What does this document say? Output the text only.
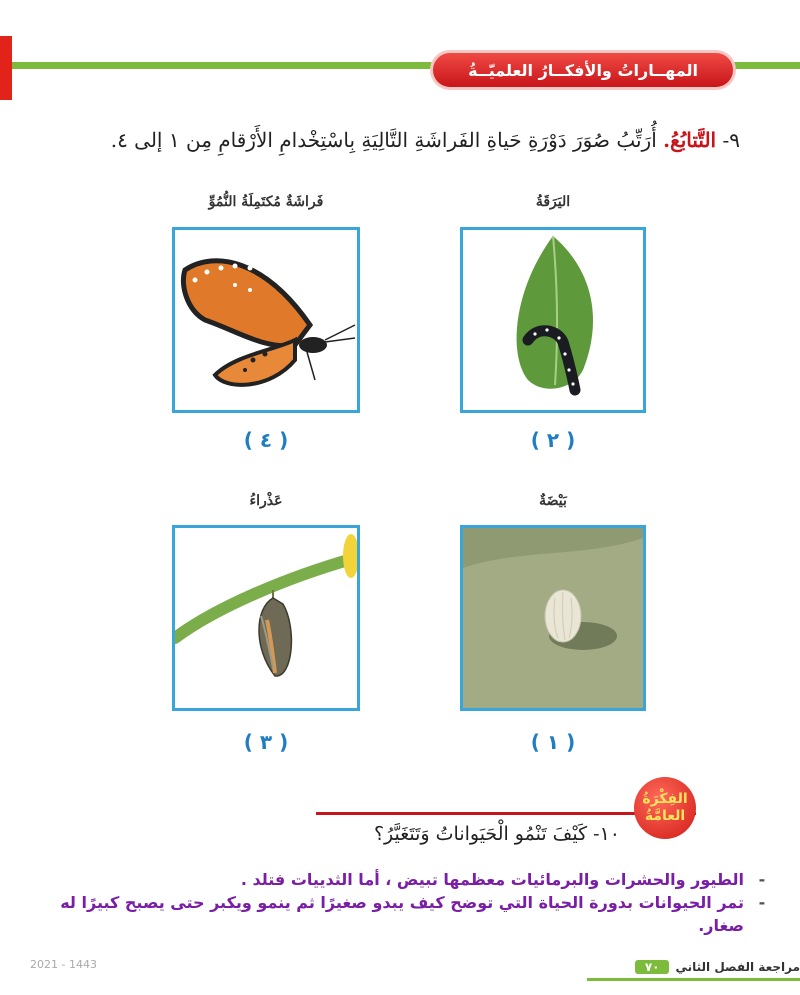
المهــاراتُ والأفكــارُ العلميّــةُ
٩- التَّتابُعُ. أُرَتِّبُ صُوَرَ دَوْرَةِ حَياةِ الفَراشَةِ التَّالِيَةِ بِاسْتِخْدامِ الأَرْقامِ مِن ١ إلى ٤.
اليَرَقَةُ
( ٢ )
فَراشَةٌ مُكتَمِلَةُ النُّمُوِّ
( ٤ )
بَيْضَةٌ
( ١ )
عَذْراءُ
( ٣ )
الفِكْرَةُ العامَّةُ
١٠- كَيْفَ تَنْمُو الْحَيَواناتُ وَتَتَغَيَّرُ؟
-
الطيور والحشرات والبرمائيات معظمها تبيض ، أما الثدييات فتلد .
-
تمر الحيوانات بدورة الحياة التي توضح كيف يبدو صغيرًا ثم ينمو ويكبر حتى يصبح كبيرًا له صغار.
2021 - 1443	مراجعة الفصل الثاني
٧٠
